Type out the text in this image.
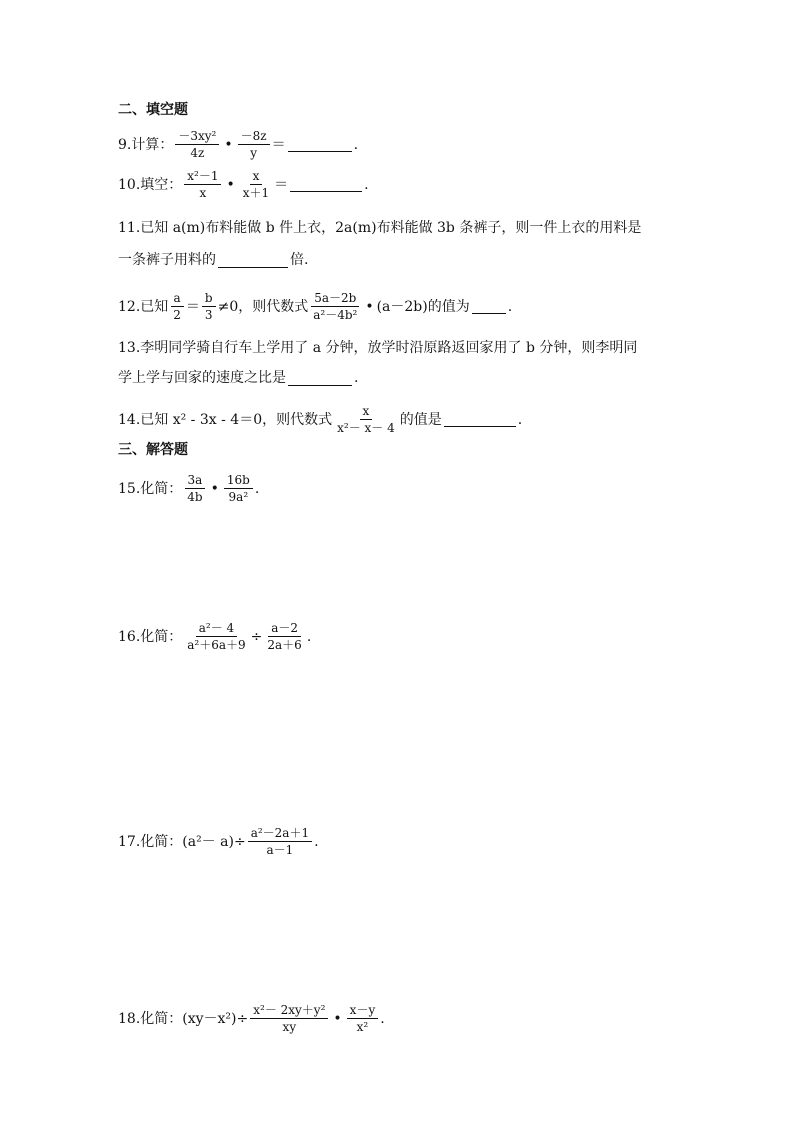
二、填空题
9.计算： $\frac{\text{－3xy²}}{4z}$ • $\frac{-8z}{y}$ ＝	.
10.填空： $\frac{\text{x²－1}}{x}$ • $\frac{x}{x+1}$ ＝	.
11.已知 a(m)布料能做 b 件上衣，2a(m)布料能做 3b 条裤子，则一件上衣的用料是
一条裤子用料的	倍.
12.已知 $\frac{a}{2} = \frac{b}{3} \ne 0$，则代数式 $\frac{5a-2b}{\text{a²－4b²}}$ • (a－2b)的值为	.
13.李明同学骑自行车上学用了 a 分钟，放学时沿原路返回家用了 b 分钟，则李明同
学上学与回家的速度之比是	.
14.已知 x² - 3x - 4＝0，则代数式 $\frac{x}{\text{x²－ x－ 4}}$ 的值是	.
三、解答题
15.化简： $\frac{3a}{4b}$ • $\frac{16b}{\text{9a²}}$ .
16.化简： $\frac{\text{a²－ 4}}{\text{a²＋6a＋9}} \div \frac{a-2}{2a+6}$ .
17.化简： $(a^2- a)\div \frac{\text{a²－2a＋1}}{a-1}$ .
18.化简： $(xy-x^2)\div \frac{\text{x²－ 2xy＋y²}}{xy}$ • $\frac{x-y}{\text{x²}}$ .
